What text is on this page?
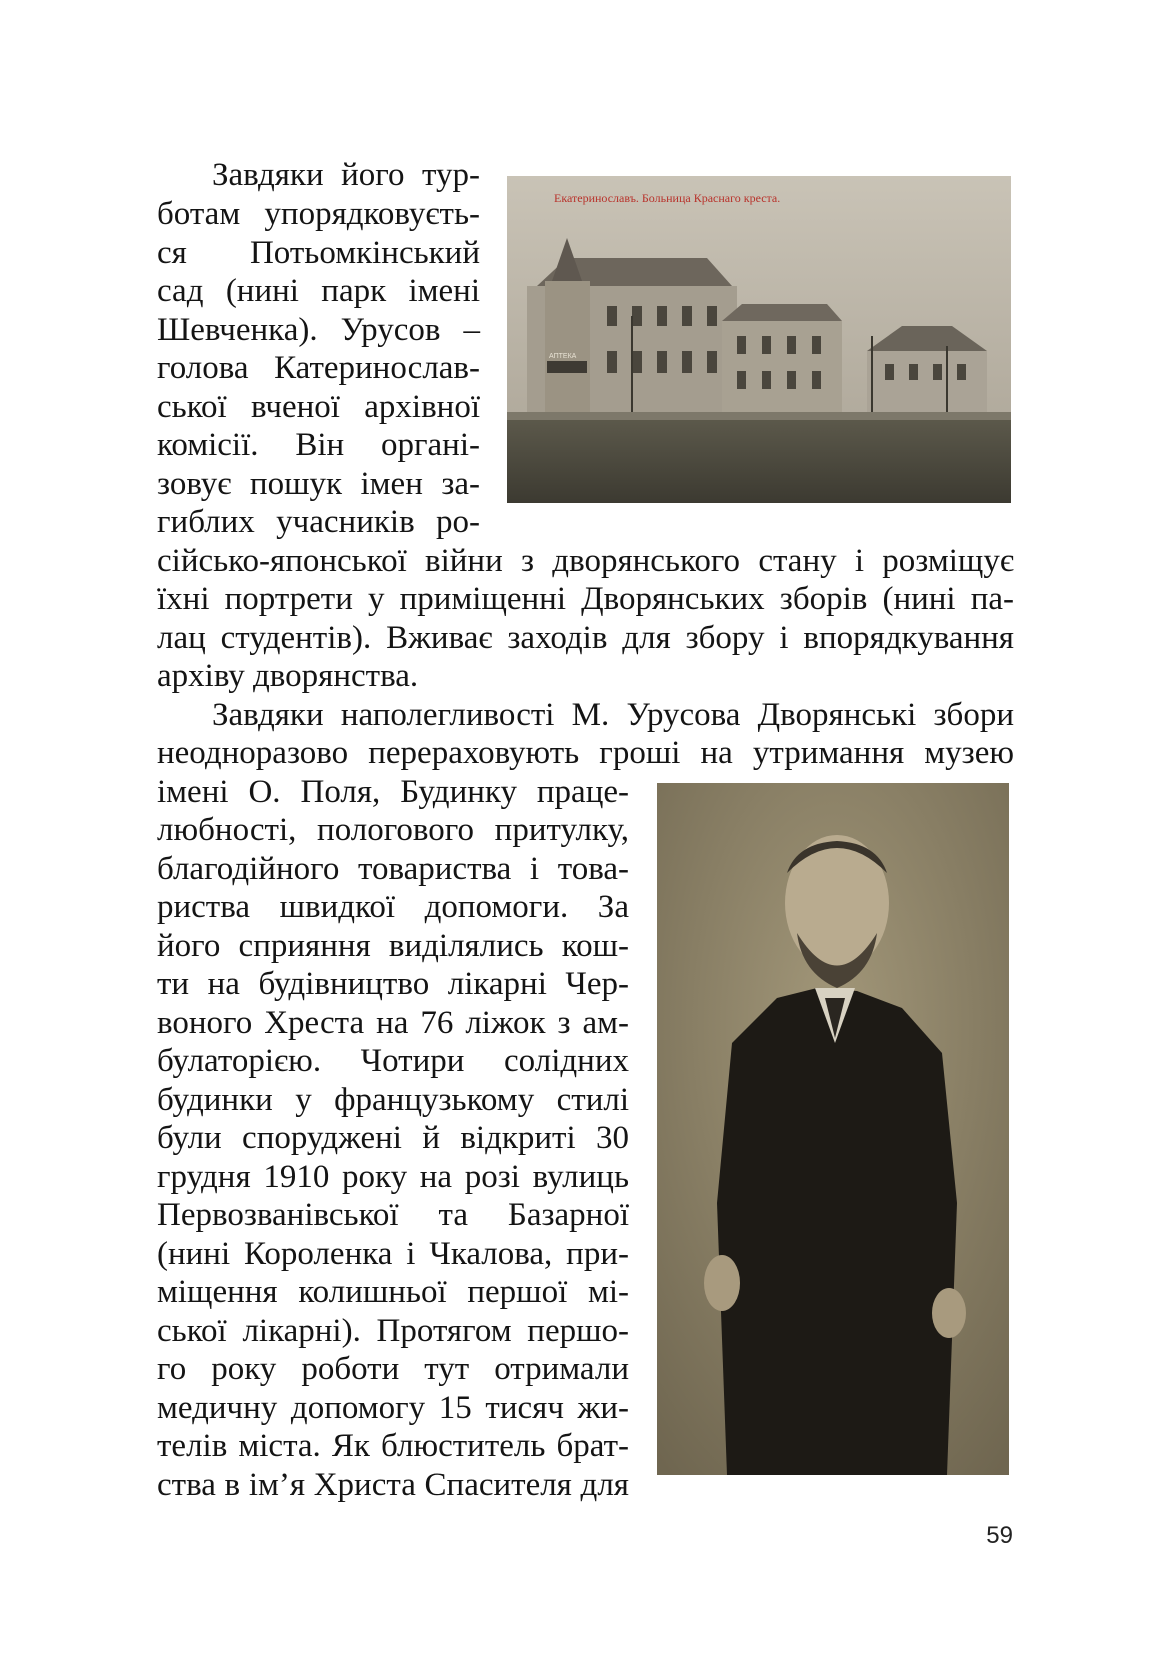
Завдяки його тур-
ботам упорядковуєть-
ся Потьомкінський
сад (нині парк імені
Шевченка). Урусов –
голова Катеринослав-
ської вченої архівної
комісії. Він органі-
зовує пошук імен за-
гиблих учасників ро-
сійсько-японської війни з дворянського стану і розміщує
їхні портрети у приміщенні Дворянських зборів (нині па-
лац студентів). Вживає заходів для збору і впорядкування
архіву дворянства.
Завдяки наполегливості М. Урусова Дворянські збори
неодноразово перераховують гроші на утримання музею
імені О. Поля, Будинку праце-
любності, пологового притулку,
благодійного товариства і това-
риства швидкої допомоги. За
його сприяння виділялись кош-
ти на будівництво лікарні Чер-
воного Хреста на 76 ліжок з ам-
булаторією. Чотири солідних
будинки у французькому стилі
були споруджені й відкриті 30
грудня 1910 року на розі вулиць
Первозванівської та Базарної
(нині Короленка і Чкалова, при-
міщення колишньої першої мі-
ської лікарні). Протягом першо-
го року роботи тут отримали
медичну допомогу 15 тисяч жи-
телів міста. Як блюститель брат-
ства в ім’я Христа Спасителя для
Екатеринославъ. Больница Краснаго креста.
АПТЕКА
59
